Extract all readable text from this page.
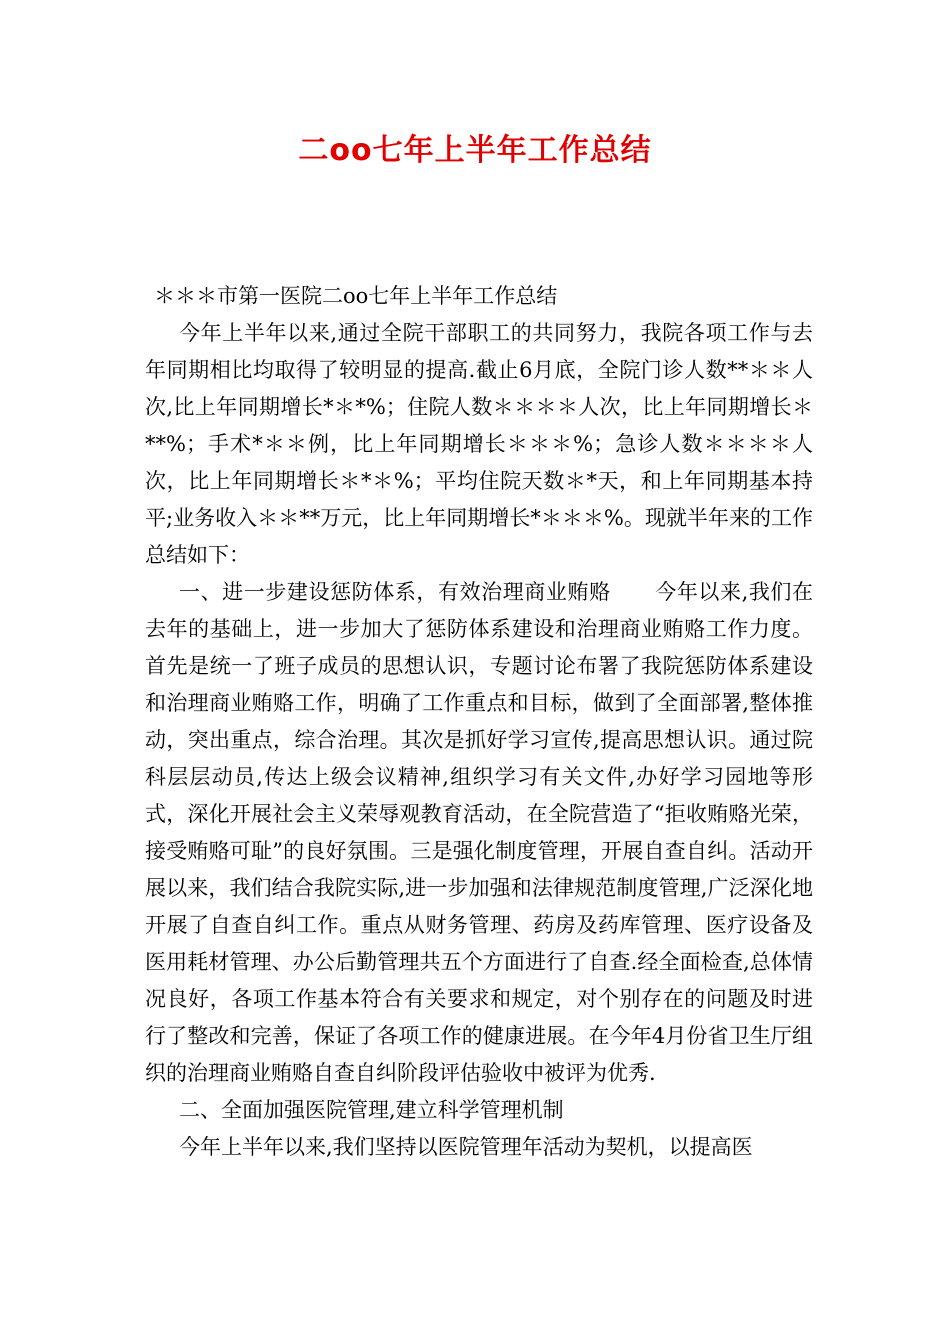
二oo七年上半年工作总结

＊＊＊市第一医院二oo七年上半年工作总结

今年上半年以来,通过全院干部职工的共同努力，我院各项工作与去年同期相比均取得了较明显的提高.截止6月底，全院门诊人数**＊＊人次,比上年同期增长*＊*%；住院人数＊＊＊＊人次，比上年同期增长＊**%；手术*＊＊例，比上年同期增长＊＊＊%；急诊人数＊＊＊＊人次，比上年同期增长＊*＊%；平均住院天数＊*天，和上年同期基本持平;业务收入＊＊**万元，比上年同期增长*＊＊＊%。现就半年来的工作总结如下：

一、进一步建设惩防体系，有效治理商业贿赂 今年以来,我们在去年的基础上，进一步加大了惩防体系建设和治理商业贿赂工作力度。首先是统一了班子成员的思想认识，专题讨论布署了我院惩防体系建设和治理商业贿赂工作，明确了工作重点和目标，做到了全面部署,整体推动，突出重点，综合治理。其次是抓好学习宣传,提高思想认识。通过院科层层动员,传达上级会议精神,组织学习有关文件,办好学习园地等形式，深化开展社会主义荣辱观教育活动，在全院营造了“拒收贿赂光荣，接受贿赂可耻”的良好氛围。三是强化制度管理，开展自查自纠。活动开展以来，我们结合我院实际,进一步加强和法律规范制度管理,广泛深化地开展了自查自纠工作。重点从财务管理、药房及药库管理、医疗设备及医用耗材管理、办公后勤管理共五个方面进行了自查.经全面检查,总体情况良好，各项工作基本符合有关要求和规定，对个别存在的问题及时进行了整改和完善，保证了各项工作的健康进展。在今年4月份省卫生厅组织的治理商业贿赂自查自纠阶段评估验收中被评为优秀.

二、全面加强医院管理,建立科学管理机制

今年上半年以来,我们坚持以医院管理年活动为契机，以提高医
